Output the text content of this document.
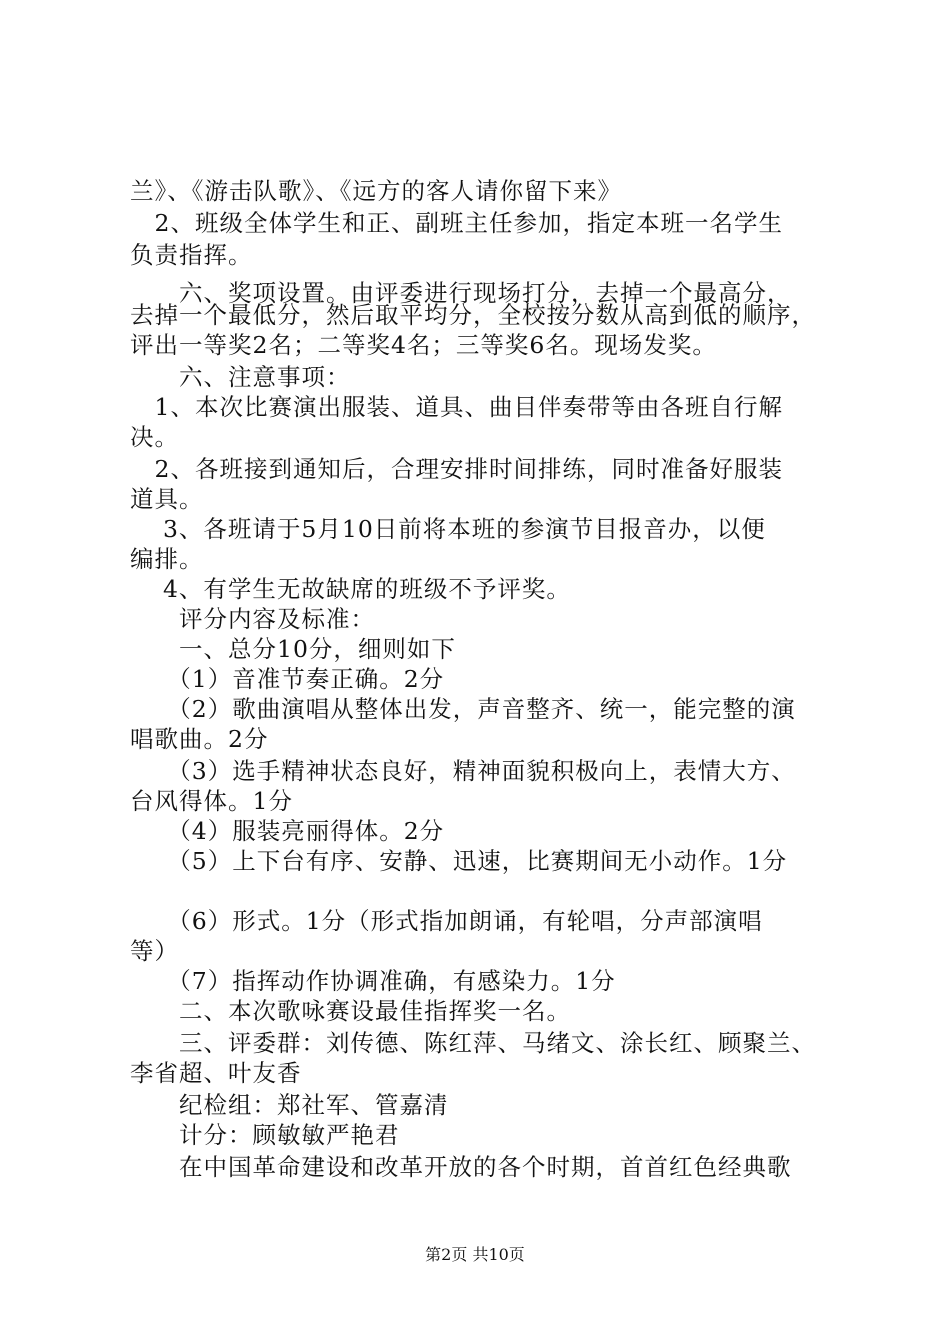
兰》、《游击队歌》、《远方的客人请你留下来》
　2、班级全体学生和正、副班主任参加，指定本班一名学生
负责指挥。
　　六、奖项设置。由评委进行现场打分，去掉一个最高分，
去掉一个最低分，然后取平均分，全校按分数从高到低的顺序，
评出一等奖2名；二等奖4名；三等奖6名。现场发奖。
　　六、注意事项：
　1、本次比赛演出服装、道具、曲目伴奏带等由各班自行解
决。
　2、各班接到通知后，合理安排时间排练，同时准备好服装
道具。
　 3、各班请于5月10日前将本班的参演节目报音办，以便
编排。
　 4、有学生无故缺席的班级不予评奖。
　　评分内容及标准：
　　一、总分10分，细则如下
　　（1）音准节奏正确。2分
　　（2）歌曲演唱从整体出发，声音整齐、统一，能完整的演
唱歌曲。2分
　　（3）选手精神状态良好，精神面貌积极向上，表情大方、
台风得体。1分
　　（4）服装亮丽得体。2分
　　（5）上下台有序、安静、迅速，比赛期间无小动作。1分
　　（6）形式。1分（形式指加朗诵，有轮唱，分声部演唱
等）
　　（7）指挥动作协调准确，有感染力。1分
　　二、本次歌咏赛设最佳指挥奖一名。
　　三、评委群：刘传德、陈红萍、马绪文、涂长红、顾聚兰、
李省超、叶友香
　　纪检组：郑社军、管嘉清
　　计分：顾敏敏严艳君
　　在中国革命建设和改革开放的各个时期，首首红色经典歌
第2页 共10页
